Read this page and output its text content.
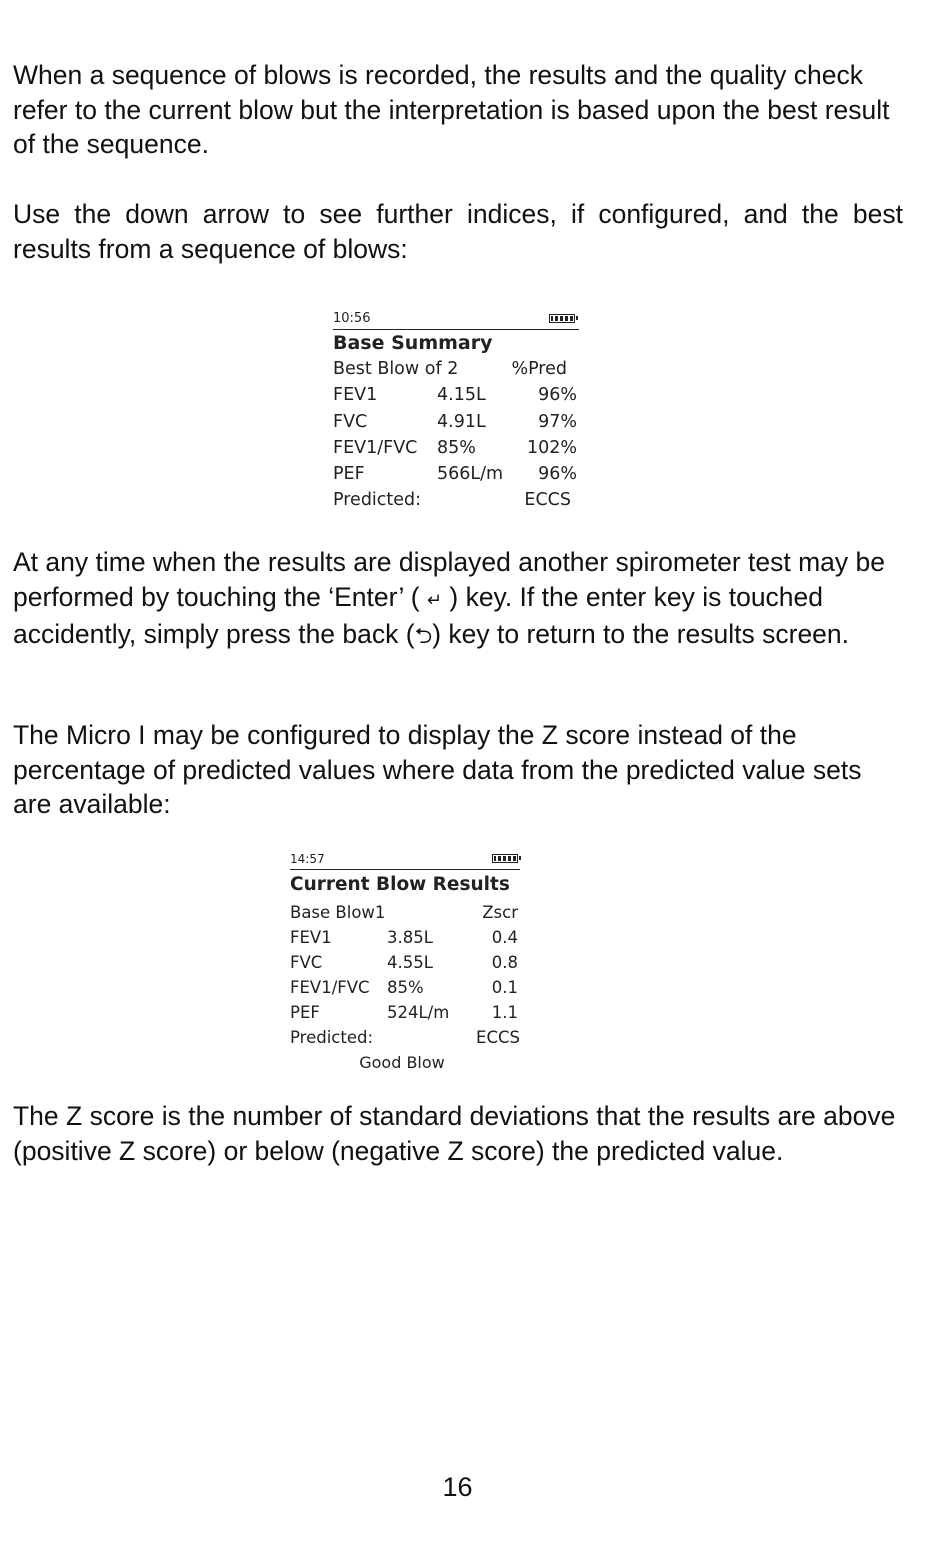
When a sequence of blows is recorded, the results and the quality check refer to the current blow but the interpretation is based upon the best result of the sequence.

Use the down arrow to see further indices, if configured, and the best results from a sequence of blows:

10:56
Base Summary
Best Blow of 2	%Pred
FEV1	4.15L	96%
FVC	4.91L	97%
FEV1/FVC 85%	102%
PEF	566L/m 96%
Predicted:	ECCS

At any time when the results are displayed another spirometer test may be performed by touching the ‘Enter’ ( ↵ ) key. If the enter key is touched accidently, simply press the back (⮌) key to return to the results screen.

The Micro I may be configured to display the Z score instead of the percentage of predicted values where data from the predicted value sets are available:

14:57
Current Blow Results
Base Blow1	Zscr
FEV1	3.85L	0.4
FVC	4.55L	0.8
FEV1/FVC 85%	0.1
PEF	524L/m	1.1
Predicted:	ECCS
Good Blow

The Z score is the number of standard deviations that the results are above (positive Z score) or below (negative Z score) the predicted value.

16
